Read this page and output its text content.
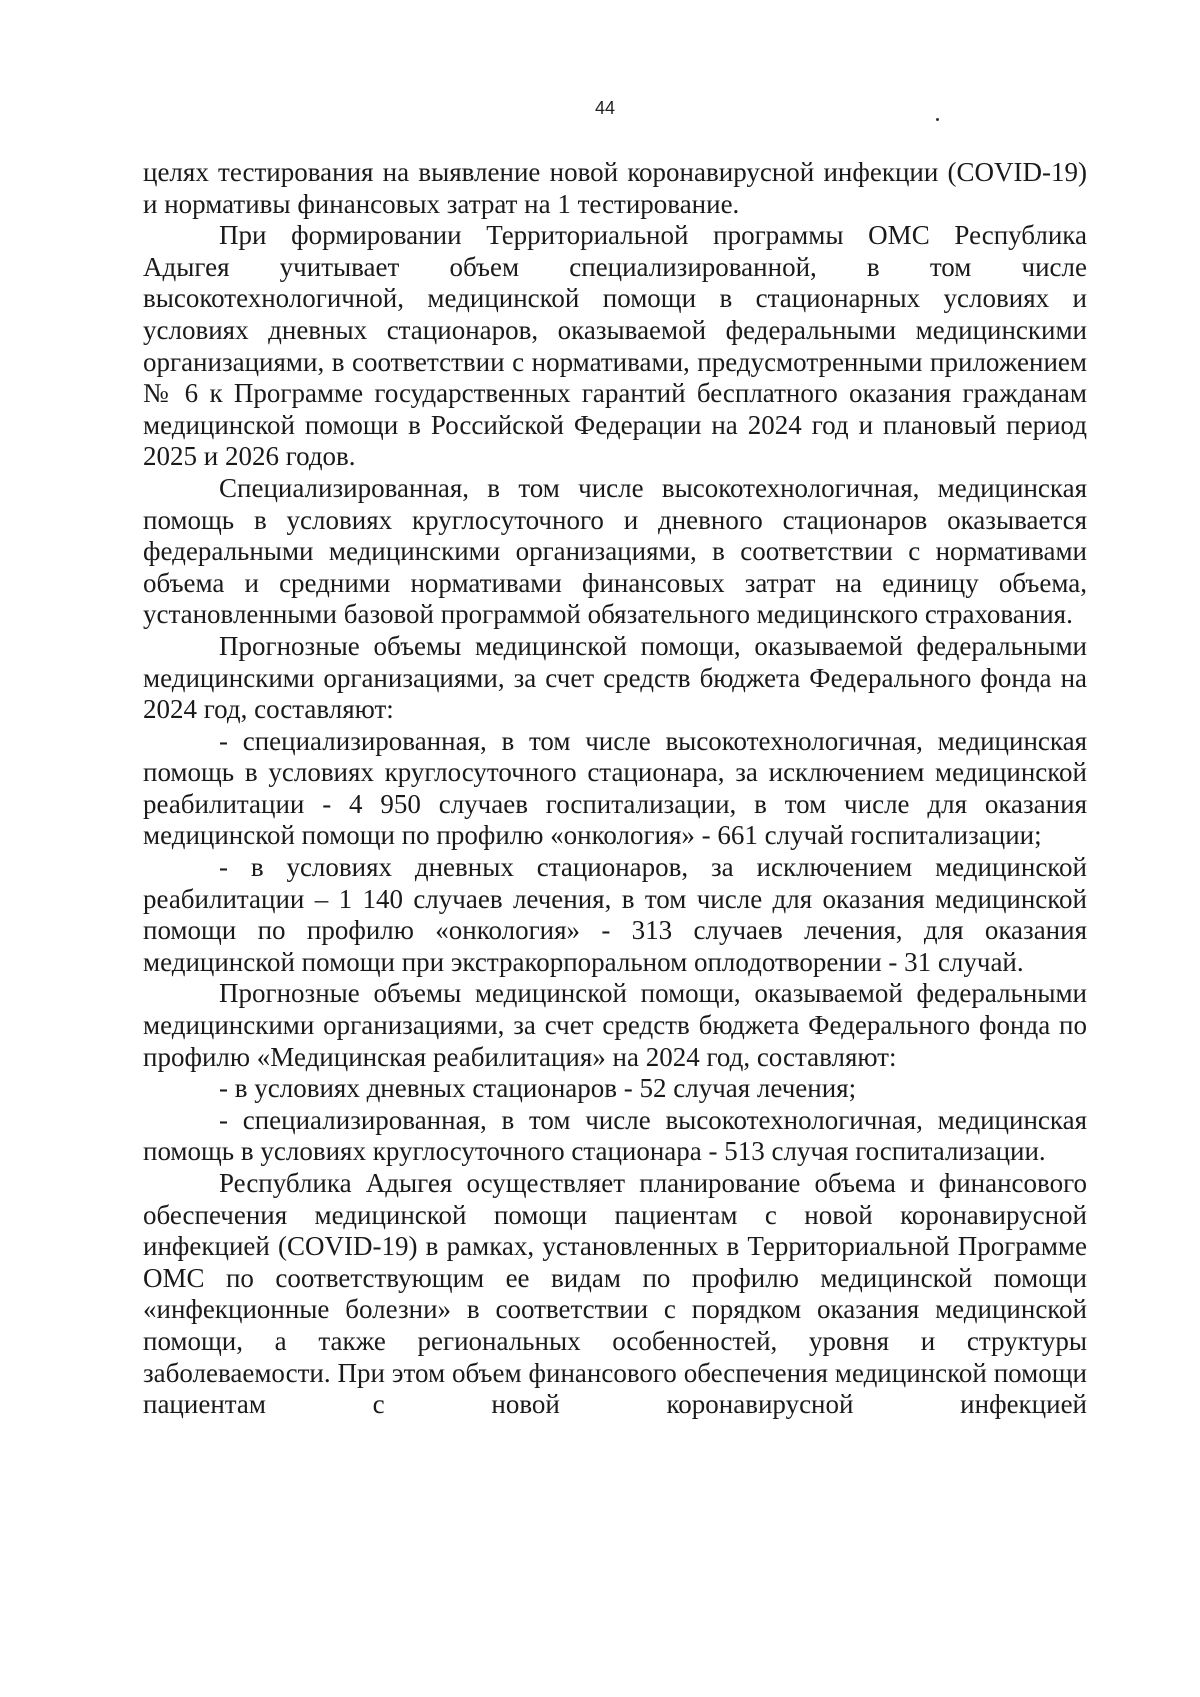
44

целях тестирования на выявление новой коронавирусной инфекции (COVID-19) и нормативы финансовых затрат на 1 тестирование.

При формировании Территориальной программы ОМС Республика Адыгея учитывает объем специализированной, в том числе высокотехнологичной, медицинской помощи в стационарных условиях и условиях дневных стационаров, оказываемой федеральными медицинскими организациями, в соответствии с нормативами, предусмотренными приложением № 6 к Программе государственных гарантий бесплатного оказания гражданам медицинской помощи в Российской Федерации на 2024 год и плановый период 2025 и 2026 годов.

Специализированная, в том числе высокотехнологичная, медицинская помощь в условиях круглосуточного и дневного стационаров оказывается федеральными медицинскими организациями, в соответствии с нормативами объема и средними нормативами финансовых затрат на единицу объема, установленными базовой программой обязательного медицинского страхования.

Прогнозные объемы медицинской помощи, оказываемой федеральными медицинскими организациями, за счет средств бюджета Федерального фонда на 2024 год, составляют:

- специализированная, в том числе высокотехнологичная, медицинская помощь в условиях круглосуточного стационара, за исключением медицинской реабилитации - 4 950 случаев госпитализации, в том числе для оказания медицинской помощи по профилю «онкология» - 661 случай госпитализации;

- в условиях дневных стационаров, за исключением медицинской реабилитации – 1 140 случаев лечения, в том числе для оказания медицинской помощи по профилю «онкология» - 313 случаев лечения, для оказания медицинской помощи при экстракорпоральном оплодотворении - 31 случай.

Прогнозные объемы медицинской помощи, оказываемой федеральными медицинскими организациями, за счет средств бюджета Федерального фонда по профилю «Медицинская реабилитация» на 2024 год, составляют:

- в условиях дневных стационаров - 52 случая лечения;

- специализированная, в том числе высокотехнологичная, медицинская помощь в условиях круглосуточного стационара - 513 случая госпитализации.

Республика Адыгея осуществляет планирование объема и финансового обеспечения медицинской помощи пациентам с новой коронавирусной инфекцией (COVID-19) в рамках, установленных в Территориальной Программе ОМС по соответствующим ее видам по профилю медицинской помощи «инфекционные болезни» в соответствии с порядком оказания медицинской помощи, а также региональных особенностей, уровня и структуры заболеваемости. При этом объем финансового обеспечения медицинской помощи пациентам с новой коронавирусной инфекцией
